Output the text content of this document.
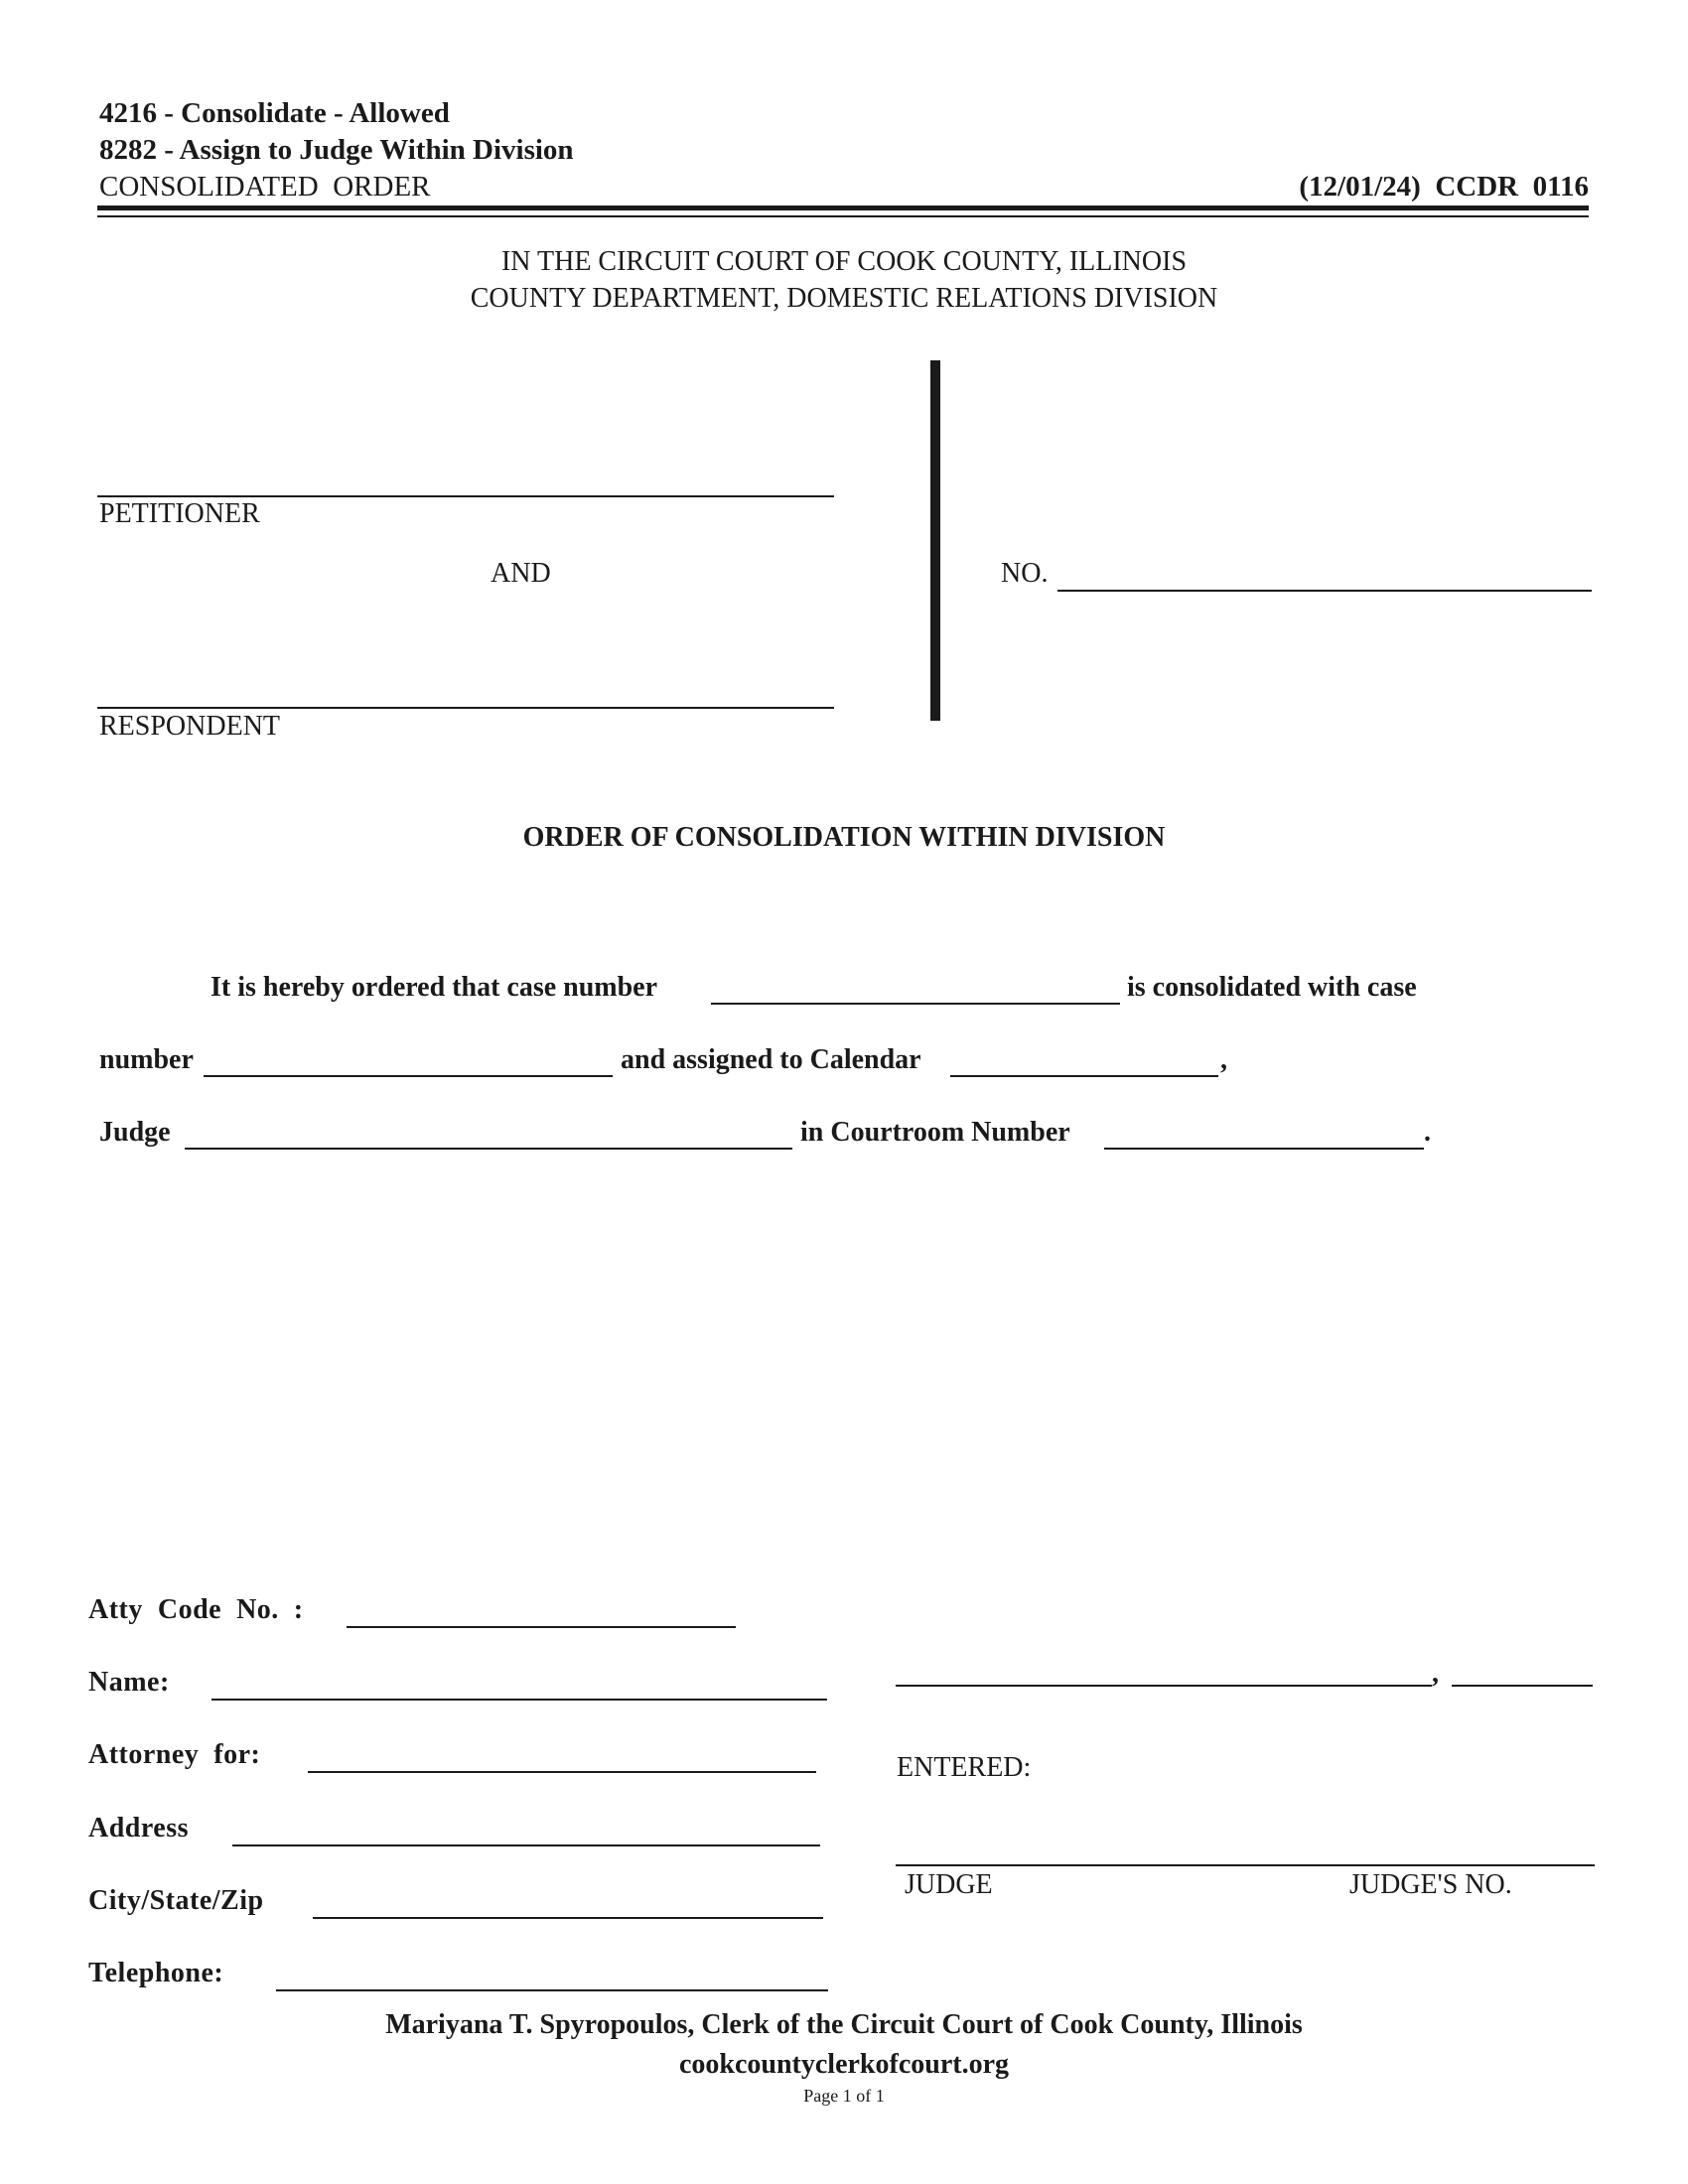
4216 - Consolidate - Allowed
8282 - Assign to Judge Within Division
CONSOLIDATED  ORDER	(12/01/24)  CCDR  0116
IN THE CIRCUIT COURT OF COOK COUNTY, ILLINOIS
COUNTY DEPARTMENT, DOMESTIC RELATIONS DIVISION
PETITIONER
AND
RESPONDENT
NO.
ORDER OF CONSOLIDATION WITHIN DIVISION
It is hereby ordered that case number	is consolidated with case
number	and assigned to Calendar	,
Judge	in Courtroom Number	.
Atty  Code  No.  :
Name:
Attorney  for:
Address
City/State/Zip
Telephone:
,
ENTERED:
JUDGE	JUDGE'S NO.
Mariyana T. Spyropoulos, Clerk of the Circuit Court of Cook County, Illinois
cookcountyclerkofcourt.org
Page 1 of 1
